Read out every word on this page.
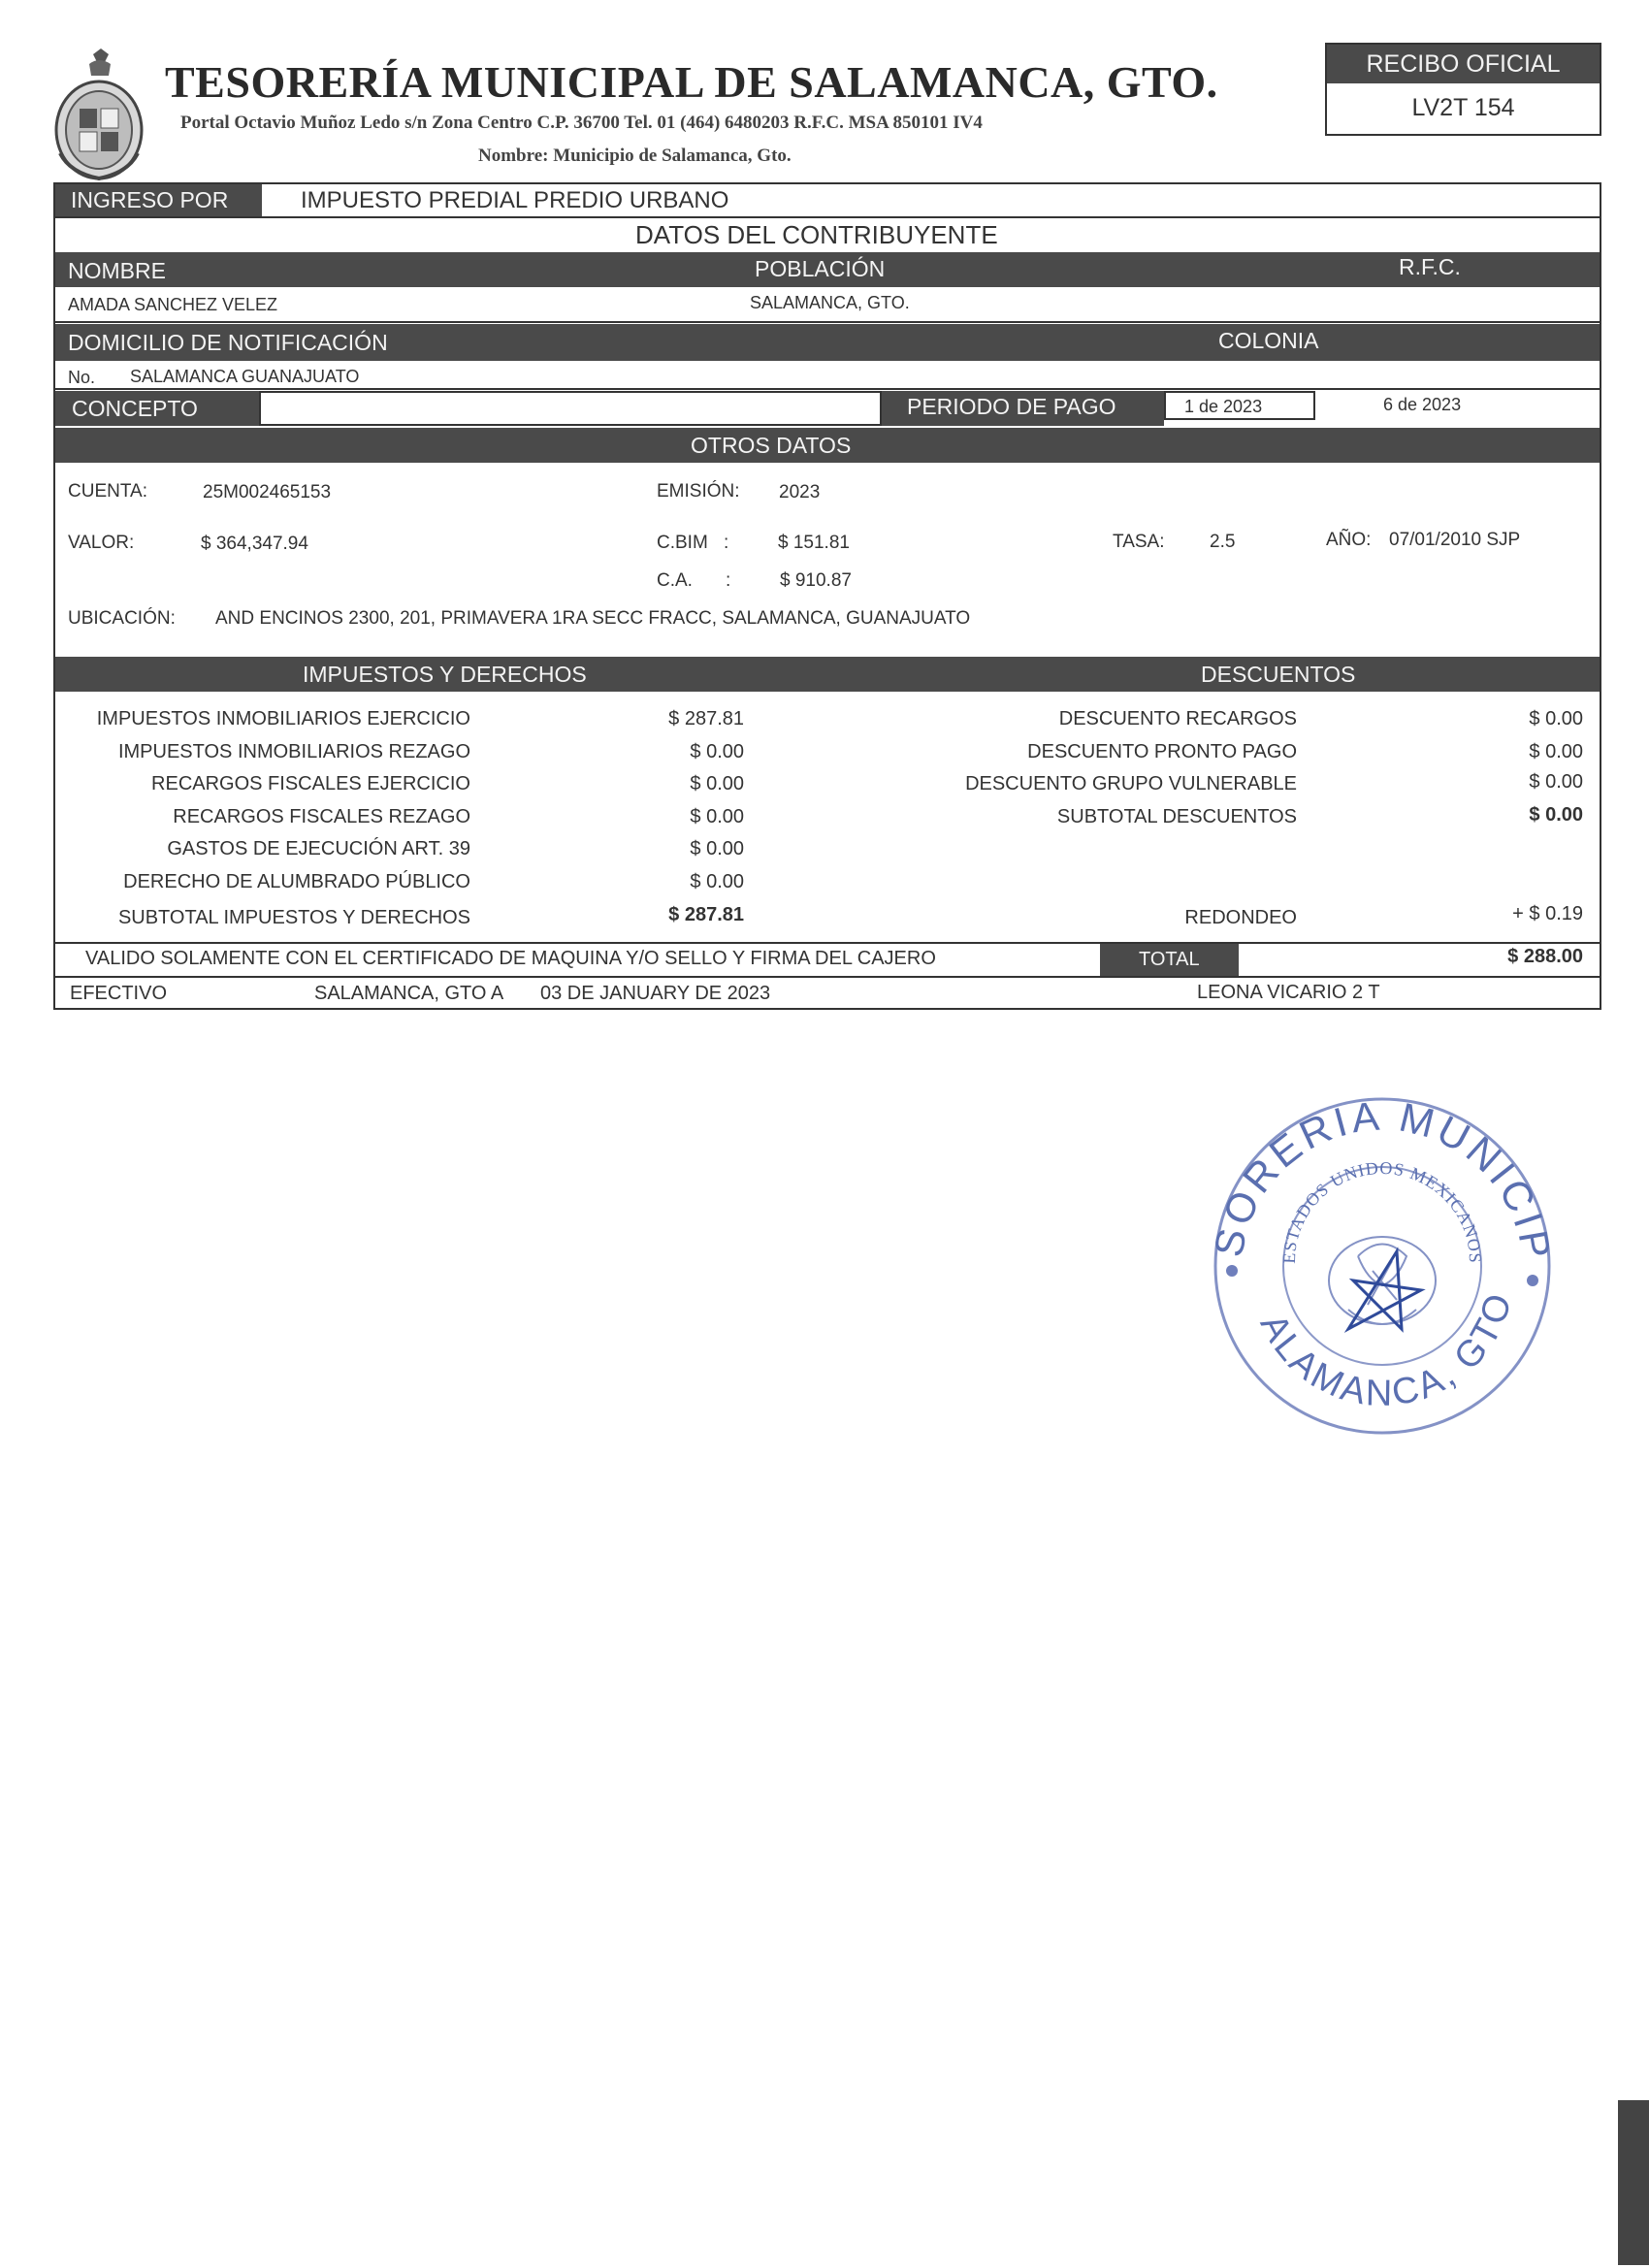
TESORERÍA MUNICIPAL DE SALAMANCA, GTO.
Portal Octavio Muñoz Ledo s/n Zona Centro C.P. 36700 Tel. 01 (464) 6480203 R.F.C. MSA 850101 IV4
Nombre: Municipio de Salamanca, Gto.
RECIBO OFICIAL
LV2T 154
INGRESO POR	IMPUESTO PREDIAL PREDIO URBANO
DATOS DEL CONTRIBUYENTE
NOMBRE	POBLACIÓN	R.F.C.
AMADA SANCHEZ VELEZ	SALAMANCA, GTO.
DOMICILIO DE NOTIFICACIÓN	COLONIA
No. SALAMANCA GUANAJUATO
CONCEPTO	PERIODO DE PAGO	1 de 2023	6 de 2023
OTROS DATOS
CUENTA:	25M002465153	EMISIÓN: 2023
VALOR:	$ 364,347.94	C.BIM :	$ 151.81	TASA: 2.5	AÑO: 07/01/2010 SJP
C.A. :	$ 910.87
UBICACIÓN: AND ENCINOS 2300, 201, PRIMAVERA 1RA SECC FRACC, SALAMANCA, GUANAJUATO
IMPUESTOS Y DERECHOS	DESCUENTOS
IMPUESTOS INMOBILIARIOS EJERCICIO	$ 287.81
IMPUESTOS INMOBILIARIOS REZAGO	$ 0.00
RECARGOS FISCALES EJERCICIO	$ 0.00
RECARGOS FISCALES REZAGO	$ 0.00
GASTOS DE EJECUCIÓN ART. 39	$ 0.00
DERECHO DE ALUMBRADO PÚBLICO	$ 0.00
SUBTOTAL IMPUESTOS Y DERECHOS	$ 287.81
DESCUENTO RECARGOS	$ 0.00
DESCUENTO PRONTO PAGO	$ 0.00
DESCUENTO GRUPO VULNERABLE	$ 0.00
SUBTOTAL DESCUENTOS	$ 0.00
REDONDEO	+ $ 0.19
VALIDO SOLAMENTE CON EL CERTIFICADO DE MAQUINA Y/O SELLO Y FIRMA DEL CAJERO	TOTAL	$ 288.00
EFECTIVO	SALAMANCA, GTO A 03 DE JANUARY DE 2023	LEONA VICARIO 2 T
SORERIA MUNICIP
ALAMANCA, GTO
ESTADOS UNIDOS MEXICANOS
